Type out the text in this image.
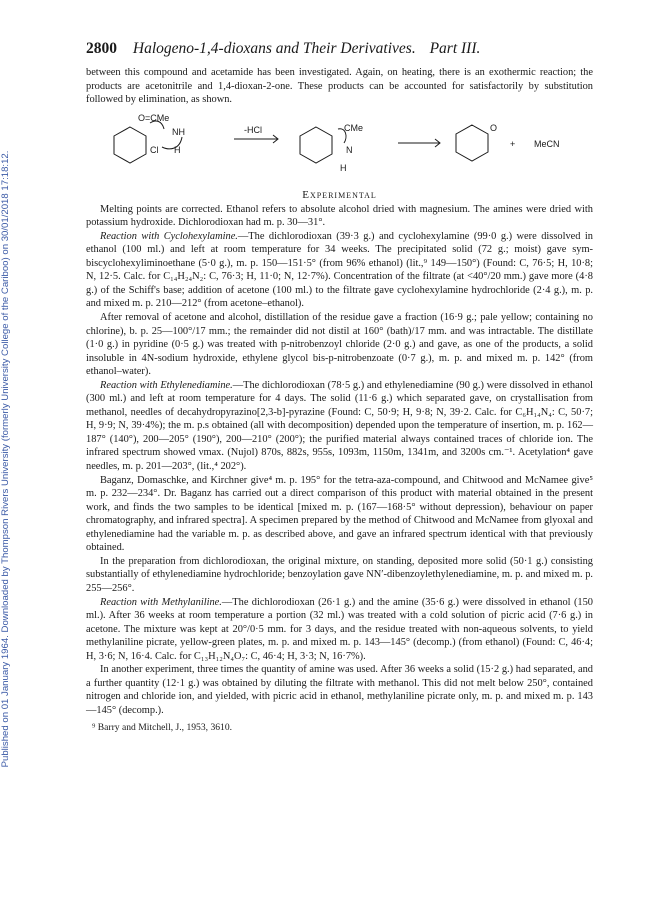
Published on 01 January 1964. Downloaded by Thompson Rivers University (formerly University College of the Cariboo) on 30/01/2018 17:18:12.
2800 Halogeno-1,4-dioxans and Their Derivatives. Part III.

between this compound and acetamide has been investigated. Again, on heating, there is an exothermic reaction; the products are acetonitrile and 1,4-dioxan-2-one. These products can be accounted for satisfactorily by substitution followed by elimination, as shown.

O=CMe
NH
H
Cl
-HCl	CMe
N
H
O
+ MeCN
Experimental

Melting points are corrected. Ethanol refers to absolute alcohol dried with magnesium. The amines were dried with potassium hydroxide. Dichlorodioxan had m. p. 30—31°.

Reaction with Cyclohexylamine.—The dichlorodioxan (39·3 g.) and cyclohexylamine (99·0 g.) were dissolved in ethanol (100 ml.) and left at room temperature for 34 weeks. The precipitated solid (72 g.; moist) gave sym-biscyclohexyliminoethane (5·0 g.), m. p. 150—151·5° (from 96% ethanol) (lit.,⁹ 149—150°) (Found: C, 76·5; H, 10·8; N, 12·5. Calc. for C₁₄H₂₄N₂: C, 76·3; H, 11·0; N, 12·7%). Concentration of the filtrate (at <40°/20 mm.) gave more (4·8 g.) of the Schiff's base; addition of acetone (100 ml.) to the filtrate gave cyclohexylamine hydrochloride (2·4 g.), m. p. and mixed m. p. 210—212° (from acetone–ethanol).

After removal of acetone and alcohol, distillation of the residue gave a fraction (16·9 g.; pale yellow; containing no chlorine), b. p. 25—100°/17 mm.; the remainder did not distil at 160° (bath)/17 mm. and was intractable. The distillate (1·0 g.) in pyridine (0·5 g.) was treated with p-nitrobenzoyl chloride (2·0 g.) and gave, as one of the products, a solid insoluble in 4N-sodium hydroxide, ethylene glycol bis-p-nitrobenzoate (0·7 g.), m. p. and mixed m. p. 142° (from ethanol–water).

Reaction with Ethylenediamine.—The dichlorodioxan (78·5 g.) and ethylenediamine (90 g.) were dissolved in ethanol (300 ml.) and left at room temperature for 4 days. The solid (11·6 g.) which separated gave, on crystallisation from methanol, needles of decahydropyrazino[2,3-b]-pyrazine (Found: C, 50·9; H, 9·8; N, 39·2. Calc. for C₆H₁₄N₄: C, 50·7; H, 9·9; N, 39·4%); the m. p.s obtained (all with decomposition) depended upon the temperature of insertion, m. p. 162—187° (140°), 200—205° (190°), 200—210° (200°); the purified material always contained traces of chloride ion. The infrared spectrum showed νmax. (Nujol) 870s, 882s, 955s, 1093m, 1150m, 1341m, and 3200s cm.⁻¹. Acetylation⁴ gave needles, m. p. 201—203°, (lit.,⁴ 202°).

Baganz, Domaschke, and Kirchner give⁴ m. p. 195° for the tetra-aza-compound, and Chitwood and McNamee give⁵ m. p. 232—234°. Dr. Baganz has carried out a direct comparison of this product with material obtained in the present work, and finds the two samples to be identical [mixed m. p. (167—168·5° without depression), behaviour on paper chromatography, and infrared spectra]. A specimen prepared by the method of Chitwood and McNamee from glyoxal and ethylenediamine had the variable m. p. as described above, and gave an infrared spectrum identical with that previously obtained.

In the preparation from dichlorodioxan, the original mixture, on standing, deposited more solid (50·1 g.) consisting substantially of ethylenediamine hydrochloride; benzoylation gave NN′-dibenzoylethylenediamine, m. p. and mixed m. p. 255—256°.

Reaction with Methylaniline.—The dichlorodioxan (26·1 g.) and the amine (35·6 g.) were dissolved in ethanol (150 ml.). After 36 weeks at room temperature a portion (32 ml.) was treated with a cold solution of picric acid (7·6 g.) in acetone. The mixture was kept at 20°/0·5 mm. for 3 days, and the residue treated with non-aqueous solvents, to yield methylaniline picrate, yellow-green plates, m. p. and mixed m. p. 143—145° (decomp.) (from ethanol) (Found: C, 46·4; H, 3·6; N, 16·4. Calc. for C₁₃H₁₂N₄O₇: C, 46·4; H, 3·3; N, 16·7%).

In another experiment, three times the quantity of amine was used. After 36 weeks a solid (15·2 g.) had separated, and a further quantity (12·1 g.) was obtained by diluting the filtrate with methanol. This did not melt below 250°, contained nitrogen and chloride ion, and yielded, with picric acid in ethanol, methylaniline picrate only, m. p. and mixed m. p. 143—145° (decomp.).

⁹ Barry and Mitchell, J., 1953, 3610.
